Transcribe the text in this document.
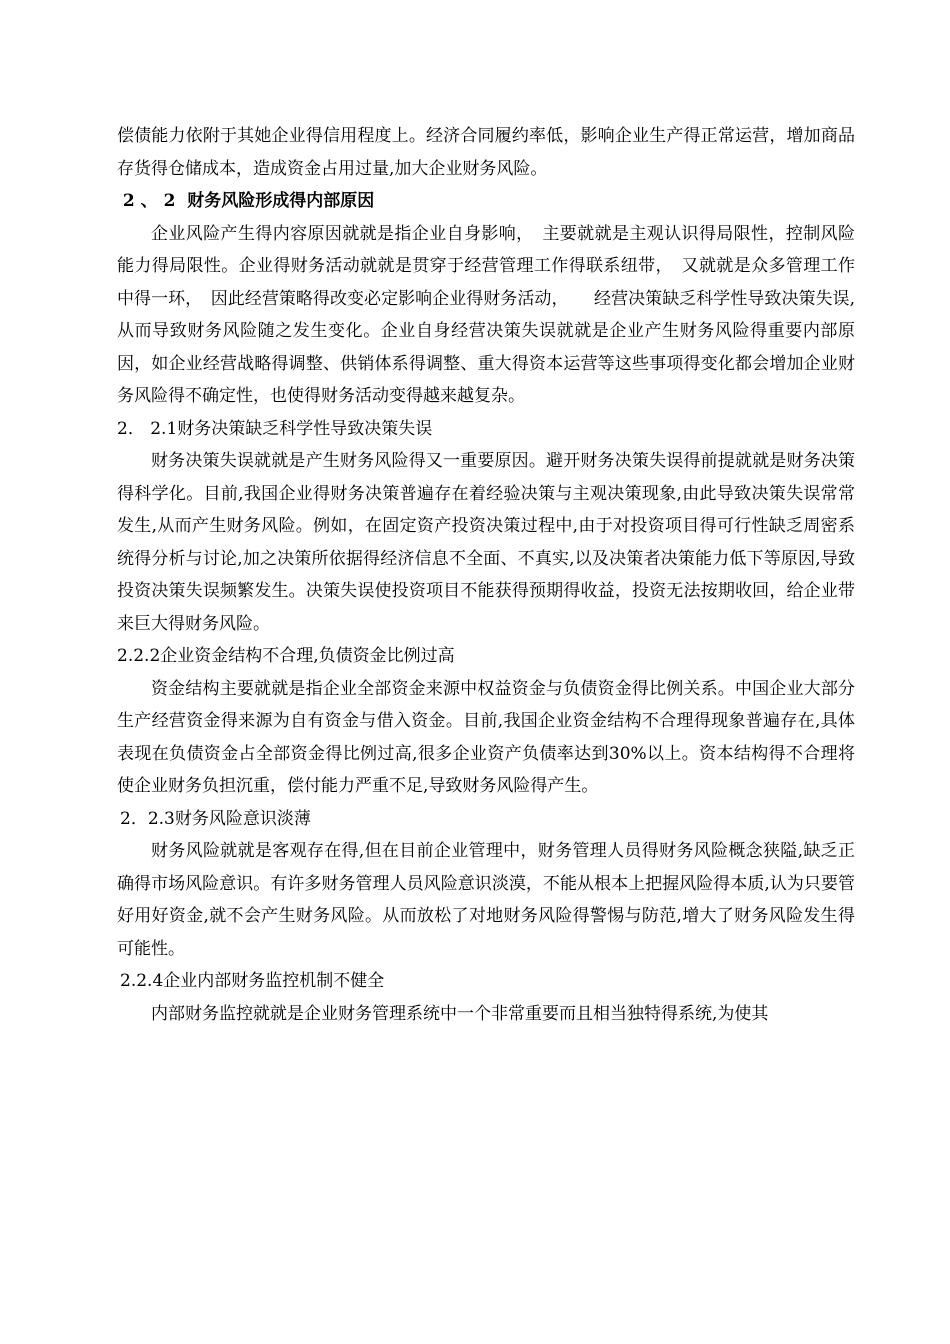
偿债能力依附于其她企业得信用程度上。经济合同履约率低，影响企业生产得正常运营，增加商品存货得仓储成本，造成资金占用过量,加大企业财务风险。

2 、 2  财务风险形成得内部原因

企业风险产生得内容原因就就是指企业自身影响，　主要就就是主观认识得局限性，控制风险能力得局限性。企业得财务活动就就是贯穿于经营管理工作得联系纽带，　又就就是众多管理工作中得一环，　因此经营策略得改变必定影响企业得财务活动，　　经营决策缺乏科学性导致决策失误,从而导致财务风险随之发生变化。企业自身经营决策失误就就是企业产生财务风险得重要内部原因，如企业经营战略得调整、供销体系得调整、重大得资本运营等这些事项得变化都会增加企业财务风险得不确定性，也使得财务活动变得越来越复杂。

2． 2.1财务决策缺乏科学性导致决策失误

财务决策失误就就是产生财务风险得又一重要原因。避开财务决策失误得前提就就是财务决策得科学化。目前,我国企业得财务决策普遍存在着经验决策与主观决策现象,由此导致决策失误常常发生,从而产生财务风险。例如，在固定资产投资决策过程中,由于对投资项目得可行性缺乏周密系统得分析与讨论,加之决策所依据得经济信息不全面、不真实,以及决策者决策能力低下等原因,导致投资决策失误频繁发生。决策失误使投资项目不能获得预期得收益，投资无法按期收回，给企业带来巨大得财务风险。

2.2.2企业资金结构不合理,负债资金比例过高

资金结构主要就就是指企业全部资金来源中权益资金与负债资金得比例关系。中国企业大部分生产经营资金得来源为自有资金与借入资金。目前,我国企业资金结构不合理得现象普遍存在,具体表现在负债资金占全部资金得比例过高,很多企业资产负债率达到30%以上。资本结构得不合理将使企业财务负担沉重，偿付能力严重不足,导致财务风险得产生。

2．2.3财务风险意识淡薄

财务风险就就是客观存在得,但在目前企业管理中，财务管理人员得财务风险概念狭隘,缺乏正确得市场风险意识。有许多财务管理人员风险意识淡漠，不能从根本上把握风险得本质,认为只要管好用好资金,就不会产生财务风险。从而放松了对地财务风险得警惕与防范,增大了财务风险发生得可能性。

2.2.4企业内部财务监控机制不健全

内部财务监控就就是企业财务管理系统中一个非常重要而且相当独特得系统,为使其
